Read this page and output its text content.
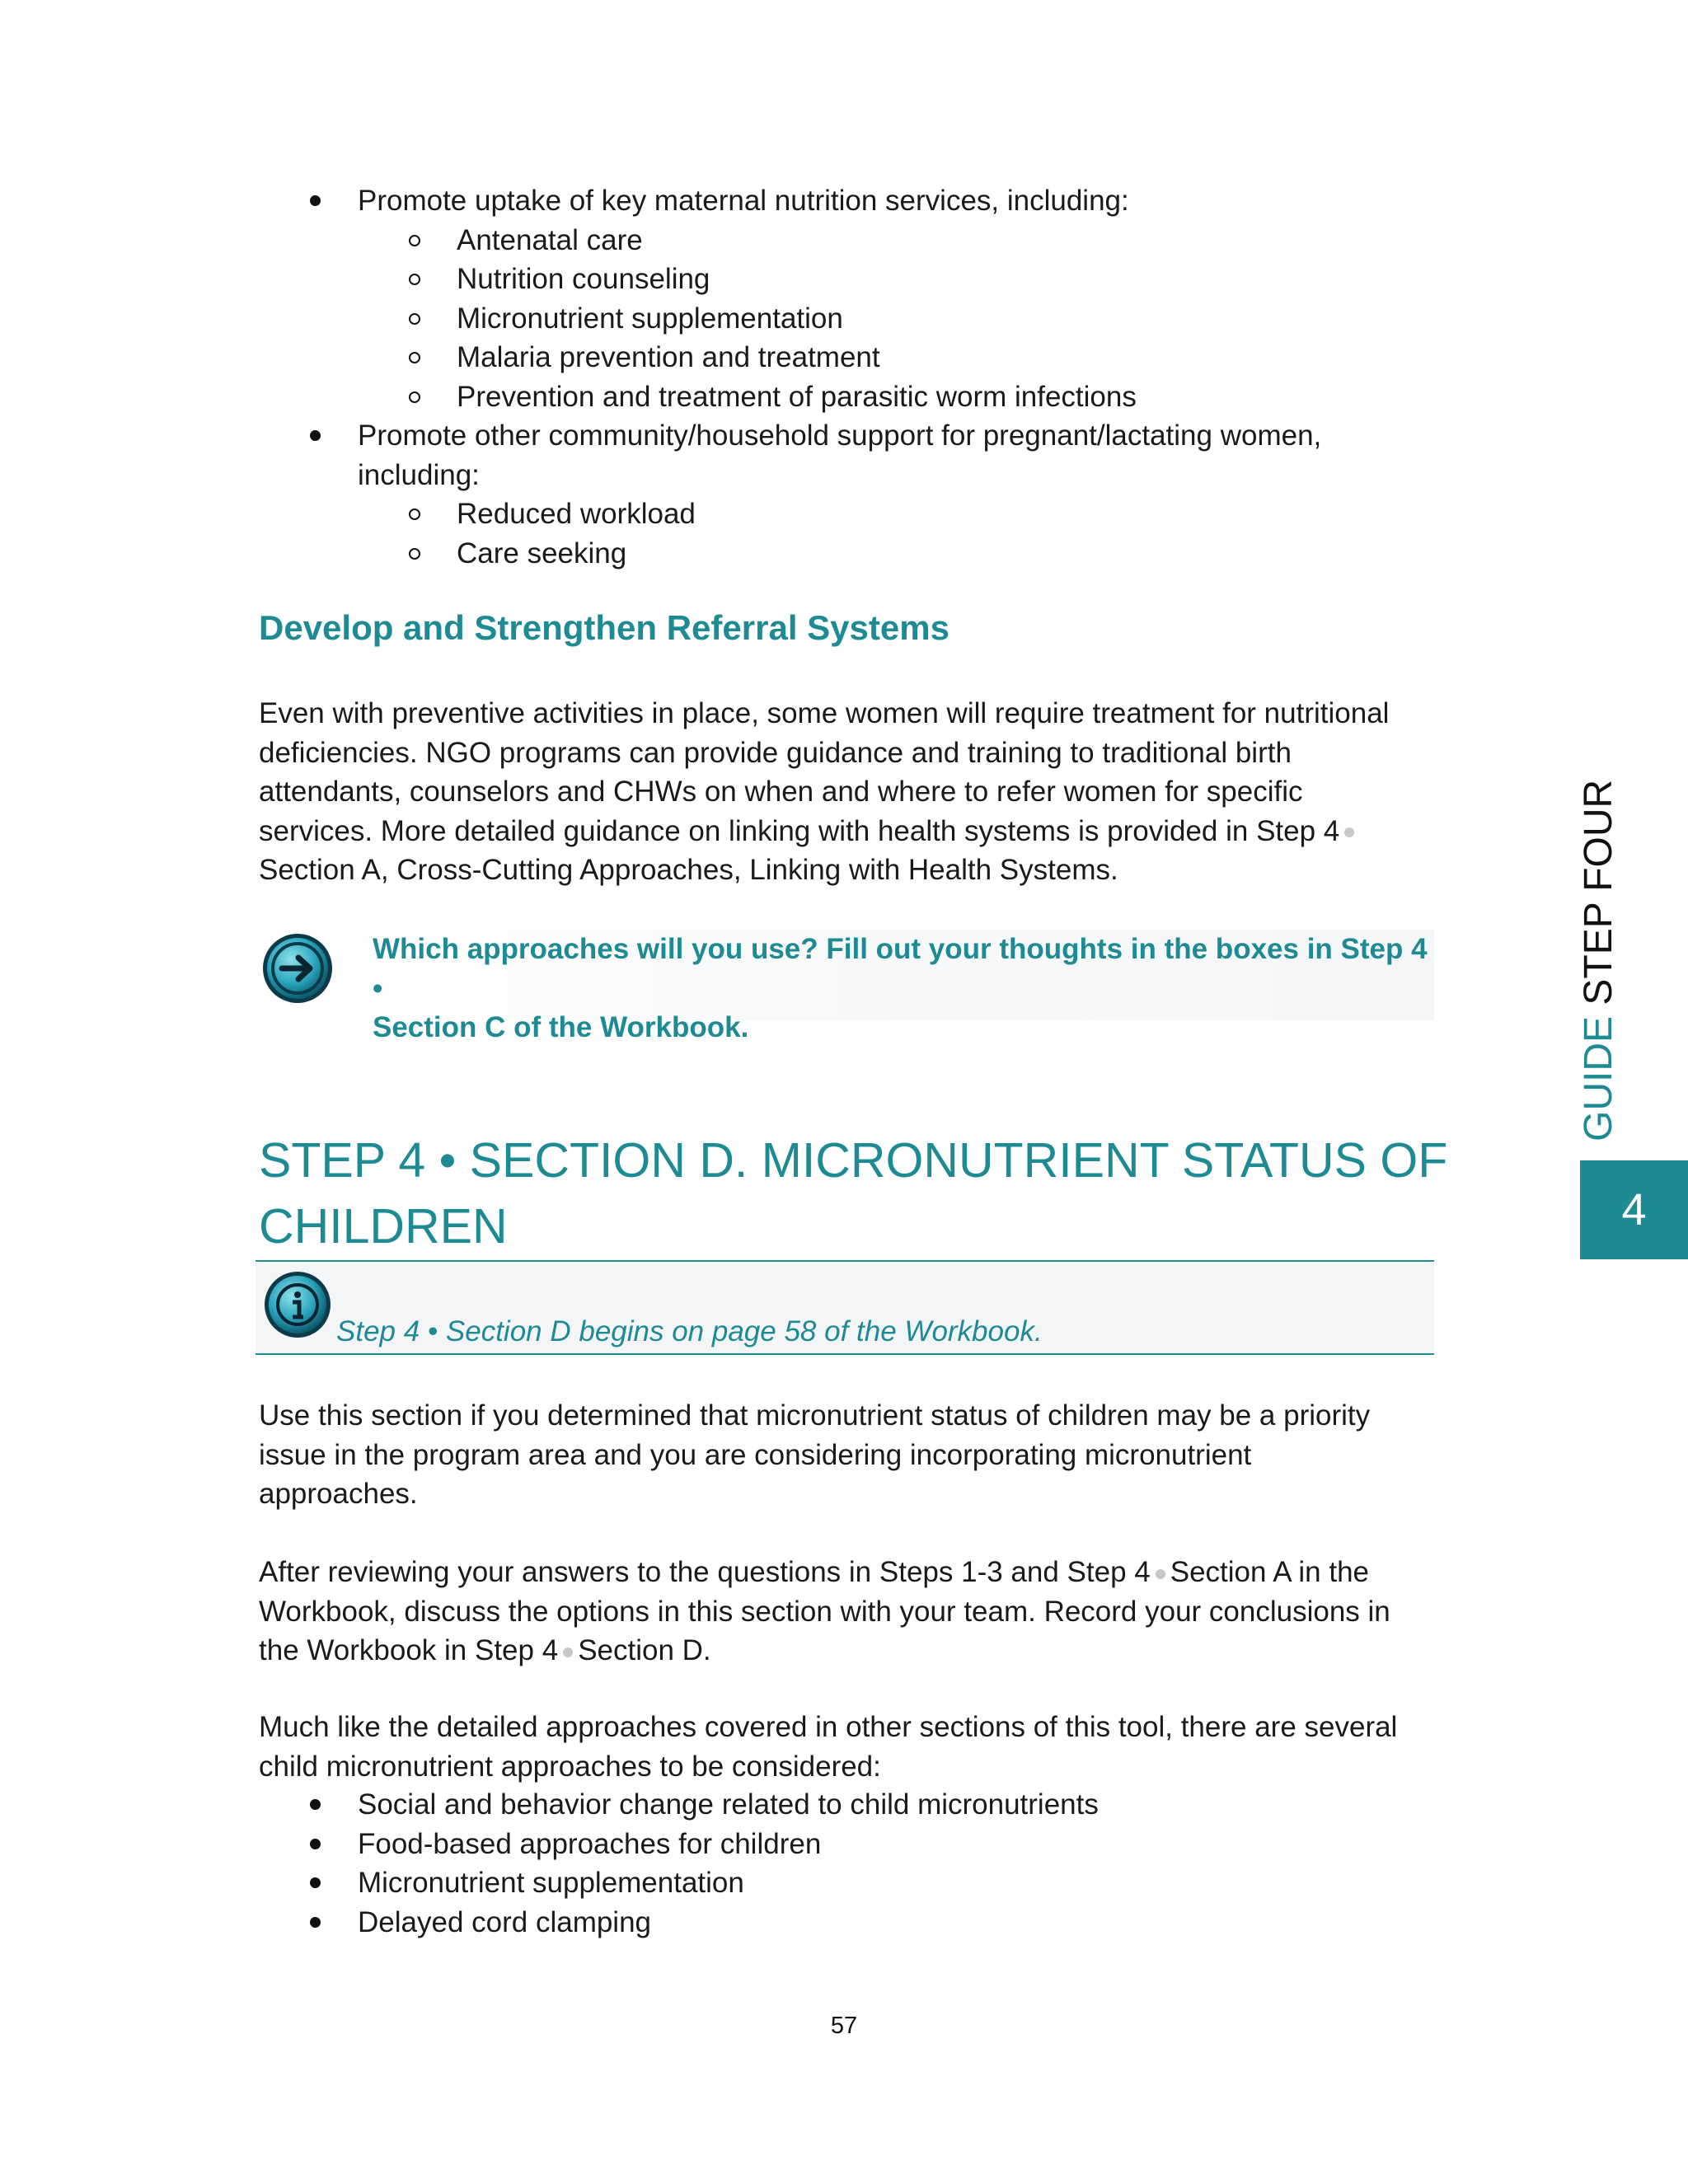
Promote uptake of key maternal nutrition services, including:
Antenatal care
Nutrition counseling
Micronutrient supplementation
Malaria prevention and treatment
Prevention and treatment of parasitic worm infections
Promote other community/household support for pregnant/lactating women,
including:
Reduced workload
Care seeking
Develop and Strengthen Referral Systems
Even with preventive activities in place, some women will require treatment for nutritional
deficiencies. NGO programs can provide guidance and training to traditional birth
attendants, counselors and CHWs on when and where to refer women for specific
services. More detailed guidance on linking with health systems is provided in Step 4
Section A, Cross-Cutting Approaches, Linking with Health Systems.
Which approaches will you use? Fill out your thoughts in the boxes in Step 4 •
Section C of the Workbook.
STEP 4 • SECTION D. MICRONUTRIENT STATUS OF
CHILDREN
Step 4 • Section D begins on page 58 of the Workbook.
Use this section if you determined that micronutrient status of children may be a priority
issue in the program area and you are considering incorporating micronutrient
approaches.
After reviewing your answers to the questions in Steps 1-3 and Step 4 Section A in the
Workbook, discuss the options in this section with your team. Record your conclusions in
the Workbook in Step 4 Section D.
Much like the detailed approaches covered in other sections of this tool, there are several
child micronutrient approaches to be considered:
Social and behavior change related to child micronutrients
Food-based approaches for children
Micronutrient supplementation
Delayed cord clamping
57
GUIDE STEP FOUR
4
